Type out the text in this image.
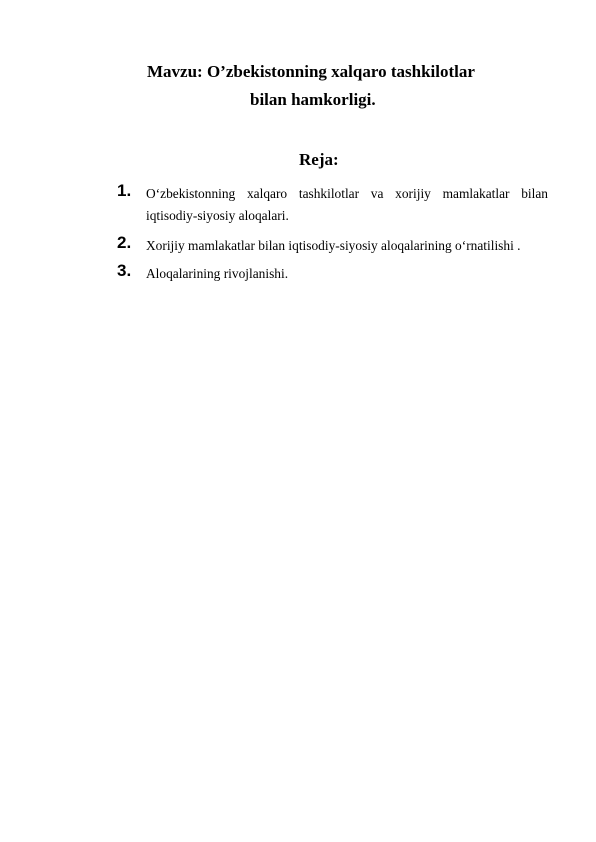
Mavzu: O’zbekistonning xalqaro tashkilotlar
bilan hamkorligi.
Reja:
1. O‘zbekistonning xalqaro tashkilotlar va xorijiy mamlakatlar bilan iqtisodiy-siyosiy aloqalari.
2. Xorijiy mamlakatlar bilan iqtisodiy-siyosiy aloqalarining o‘rnatilishi .
3. Aloqalarining rivojlanishi.
